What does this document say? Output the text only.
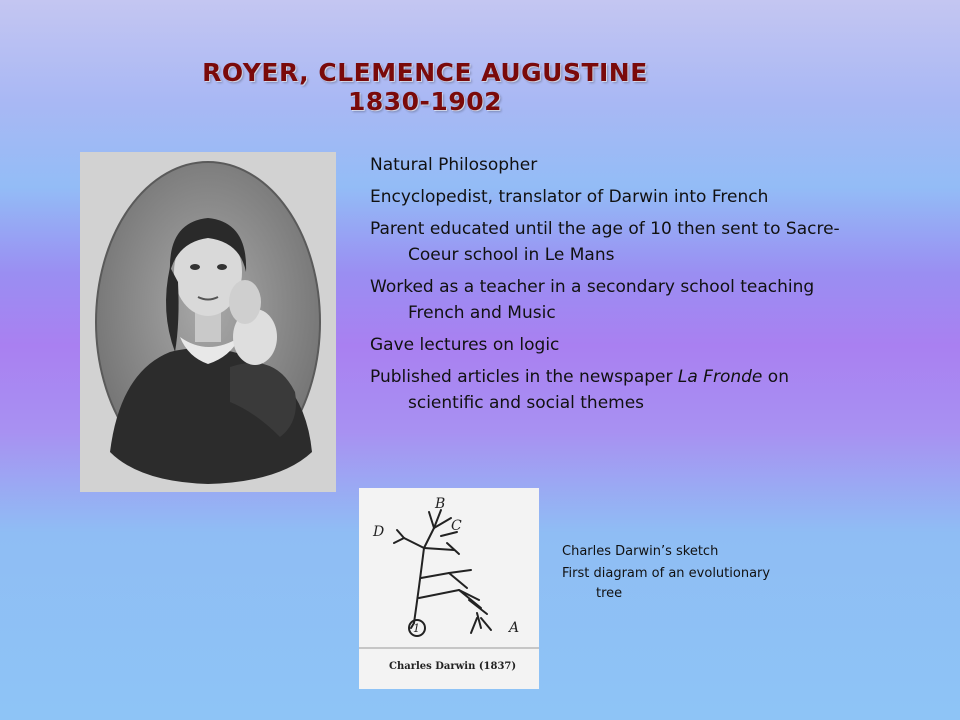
ROYER, CLEMENCE AUGUSTINE
1830-1902
Natural Philosopher
Encyclopedist, translator of Darwin into French
Parent educated until the age of 10 then sent to Sacre-Coeur school in Le Mans
Worked as a teacher in a secondary school teaching French and Music
Gave lectures on logic
Published articles in the newspaper La Fronde on scientific and social themes
1
B
C
D
A
Charles Darwin (1837)

Charles Darwin’s sketch

First diagram of an evolutionary tree
